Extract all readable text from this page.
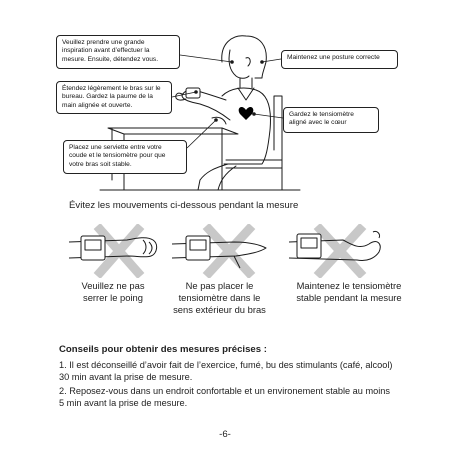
Veuillez prendre une grande
inspiration avant d’effectuer la
mesure. Ensuite, détendez vous.
Étendez légèrement le bras sur le
bureau. Gardez la paume de la
main alignée et ouverte.
Placez une serviette entre votre
coude et le tensiomètre pour que
votre bras soit stable.
Maintenez une posture correcte
Gardez le tensiomètre
aligné avec le cœur
Évitez les mouvements ci-dessous pendant la mesure
Veuillez ne pas
serrer le poing
Ne pas placer le
tensiomètre dans le
sens extérieur du bras
Maintenez le tensiomètre
stable pendant la mesure
Conseils pour obtenir des mesures précises :
1. Il est déconseillé d’avoir fait de l’exercice, fumé, bu des stimulants (café, alcool)
30 min avant la prise de mesure.
2. Reposez-vous dans un endroit confortable et un environement stable au moins
5 min avant la prise de mesure.
-6-
